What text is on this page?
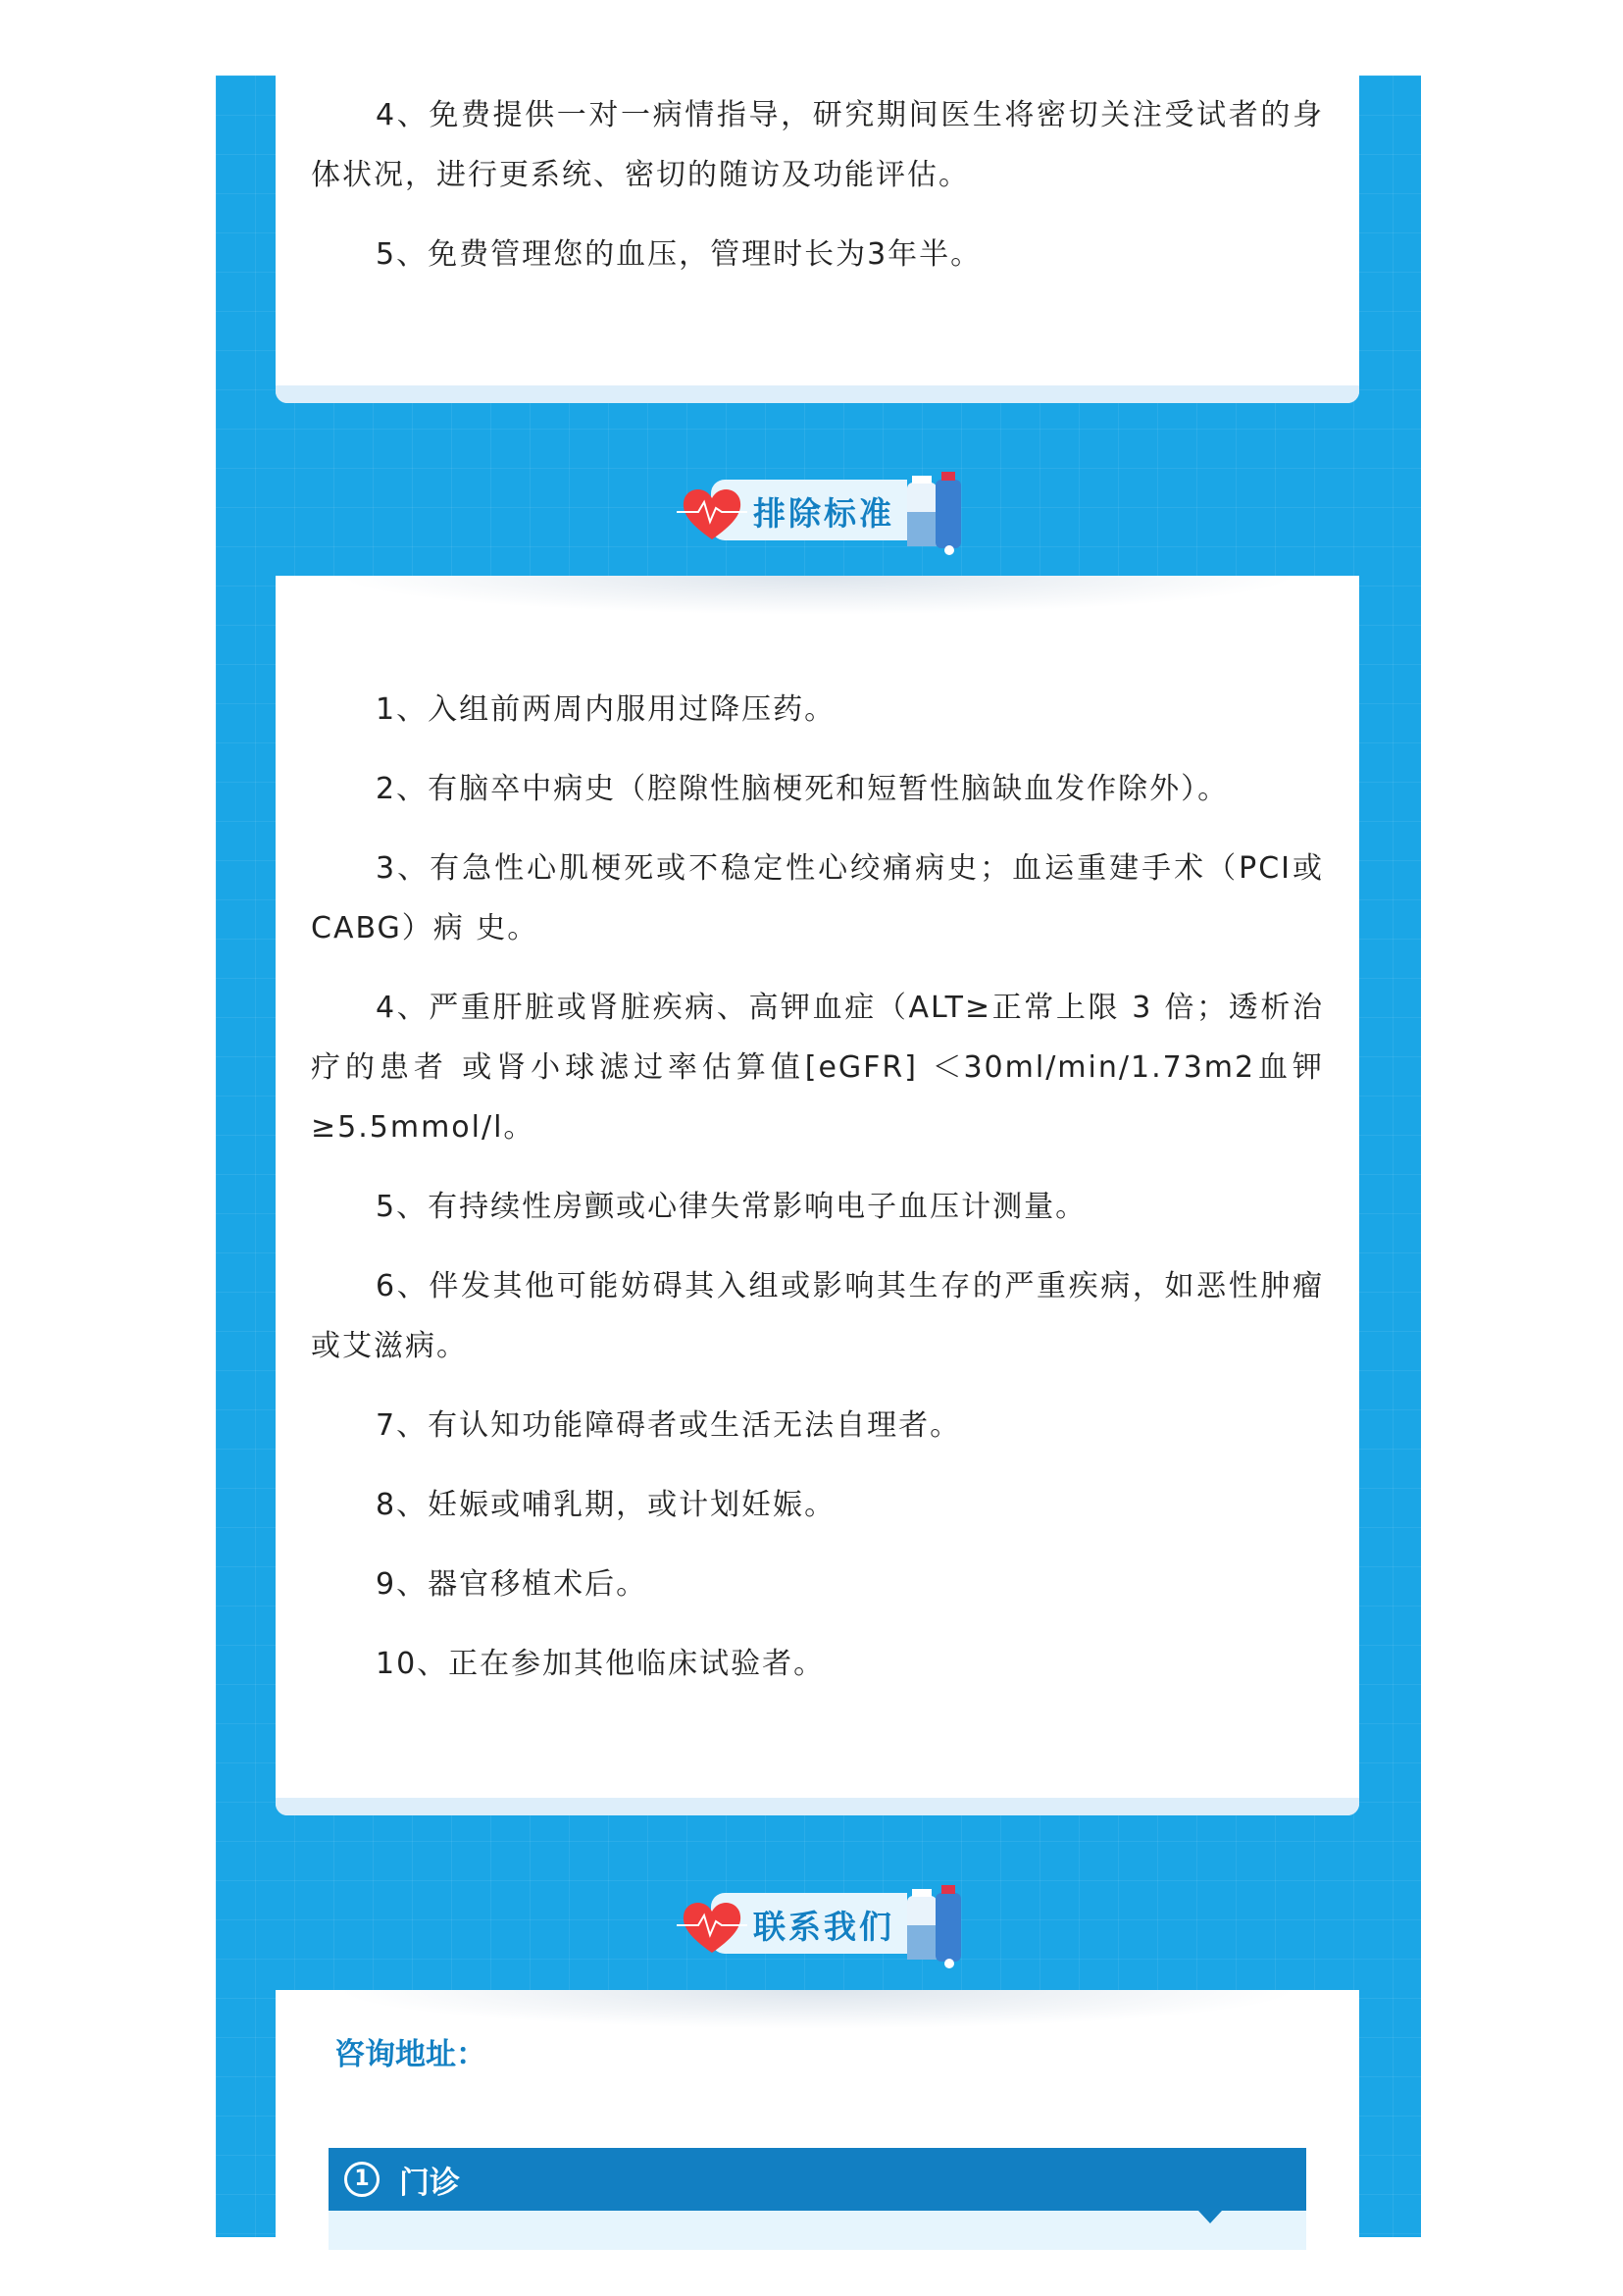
4、免费提供一对一病情指导，研究期间医生将密切关注受试者的身体状况，进行更系统、密切的随访及功能评估。

5、免费管理您的血压，管理时长为3年半。

排除标准

1、入组前两周内服用过降压药。

2、有脑卒中病史（腔隙性脑梗死和短暂性脑缺血发作除外）。

3、有急性心肌梗死或不稳定性心绞痛病史；血运重建手术（PCI或 CABG）病 史。

4、严重肝脏或肾脏疾病、高钾血症（ALT≥正常上限 3 倍；透析治疗的患者 或肾小球滤过率估算值[eGFR] ＜30ml/min/1.73m2血钾≥5.5mmol/l。

5、有持续性房颤或心律失常影响电子血压计测量。

6、伴发其他可能妨碍其入组或影响其生存的严重疾病，如恶性肿瘤或艾滋病。

7、有认知功能障碍者或生活无法自理者。

8、妊娠或哺乳期，或计划妊娠。

9、器官移植术后。

10、正在参加其他临床试验者。

联系我们
咨询地址：
1 门诊
